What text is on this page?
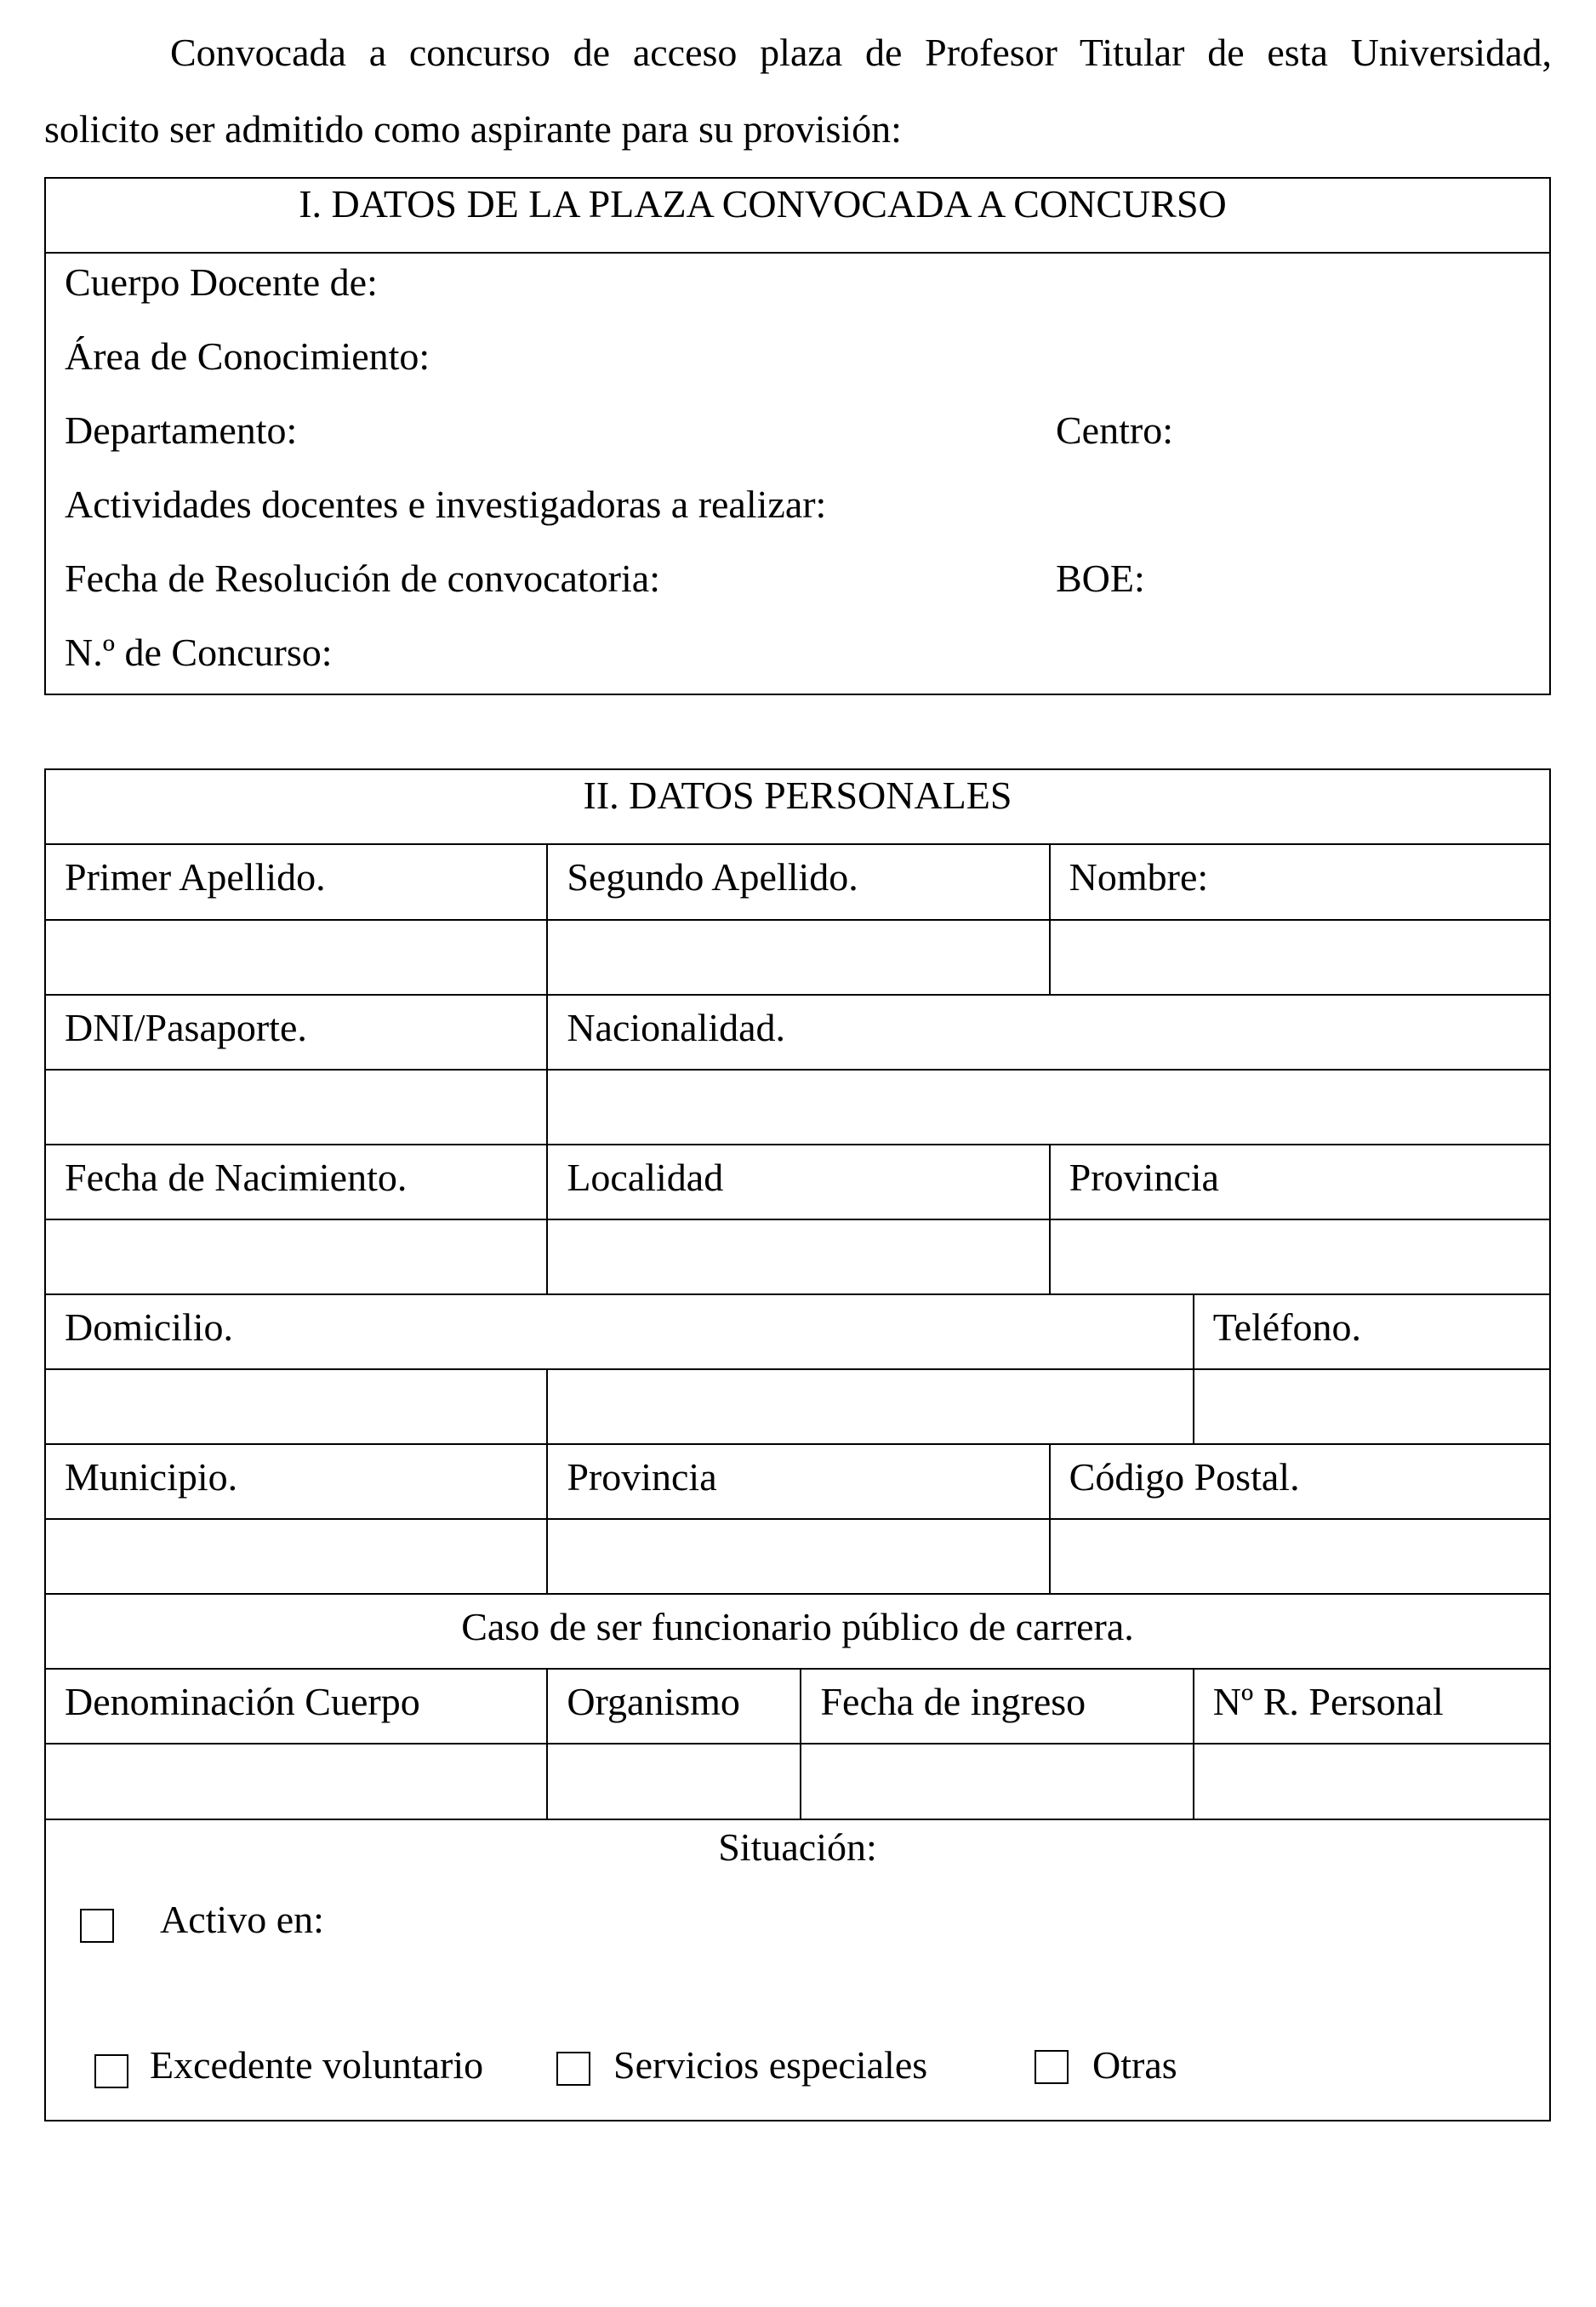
Convocada a concurso de acceso plaza de Profesor Titular de esta Universidad,

solicito ser admitido como aspirante para su provisión:

I. DATOS DE LA PLAZA CONVOCADA A CONCURSO
Cuerpo Docente de:
Área de Conocimiento:
Departamento:	Centro:
Actividades docentes e investigadoras a realizar:
Fecha de Resolución de convocatoria:	BOE:
N.º de Concurso:
II. DATOS PERSONALES
Primer Apellido.	Segundo Apellido.		Nombre:	

DNI/Pasaporte.	Nacionalidad.			

Fecha de Nacimiento.	Localidad		Provincia	

Domicilio.				Teléfono.

Municipio.	Provincia		Código Postal.	

Caso de ser funcionario público de carrera.				
Denominación Cuerpo	Organismo	Fecha de ingreso		Nº R. Personal

Situación:
Activo en:
Excedente voluntario	Servicios especiales	Otras
